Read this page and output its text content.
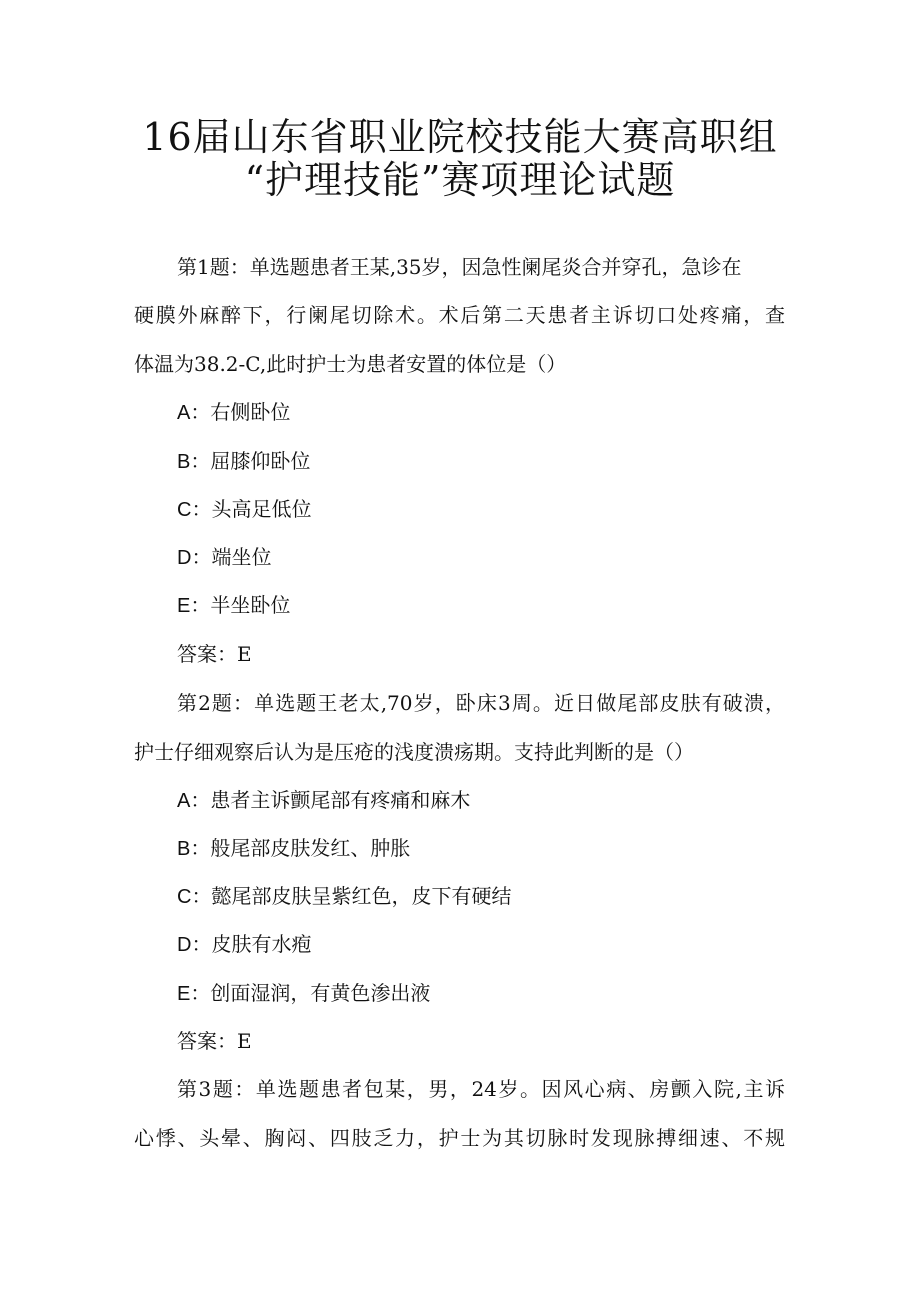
16届山东省职业院校技能大赛高职组
“护理技能”赛项理论试题
第1题：单选题患者王某,35岁，因急性阑尾炎合并穿孔，急诊在
硬膜外麻醉下，行阑尾切除术。术后第二天患者主诉切口处疼痛，查
体温为38.2-C,此时护士为患者安置的体位是（）
A：右侧卧位
B：屈膝仰卧位
C：头高足低位
D：端坐位
E：半坐卧位
答案：E
第2题：单选题王老太,70岁，卧床3周。近日做尾部皮肤有破溃，
护士仔细观察后认为是压疮的浅度溃疡期。支持此判断的是（）
A：患者主诉颤尾部有疼痛和麻木
B：般尾部皮肤发红、肿胀
C：懿尾部皮肤呈紫红色，皮下有硬结
D：皮肤有水疱
E：创面湿润，有黄色渗出液
答案：E
第3题：单选题患者包某，男，24岁。因风心病、房颤入院,主诉
心悸、头晕、胸闷、四肢乏力，护士为其切脉时发现脉搏细速、不规
